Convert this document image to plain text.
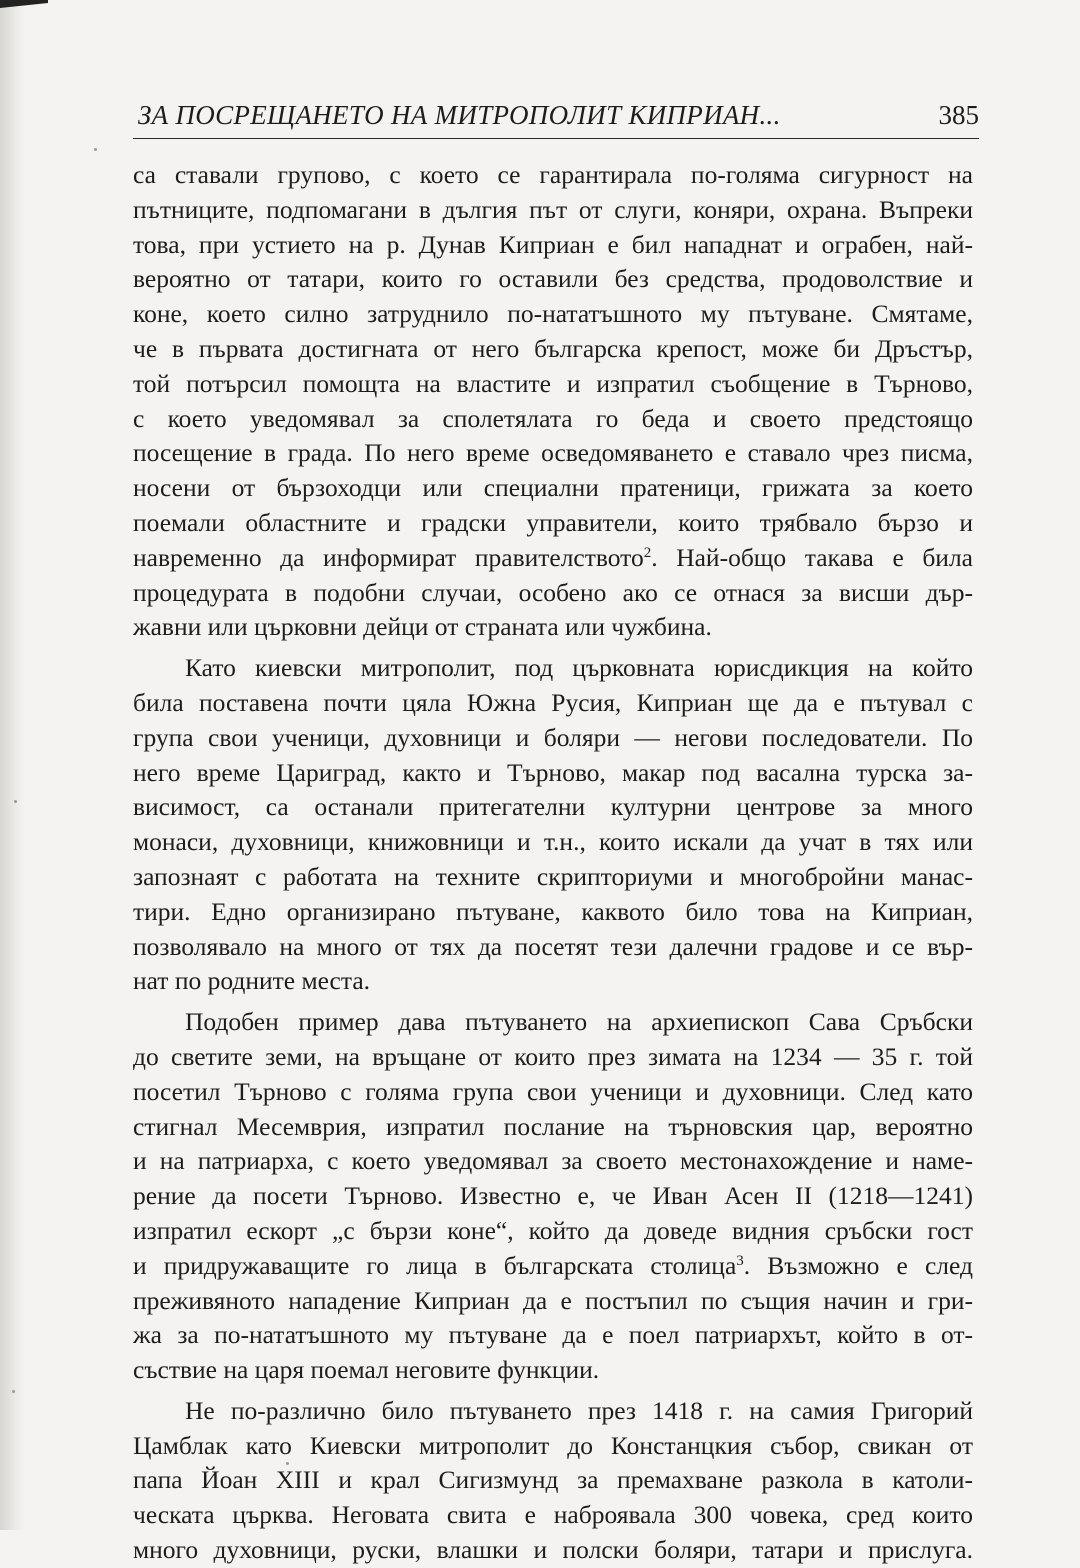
ЗА ПОСРЕЩАНЕТО НА МИТРОПОЛИТ КИПРИАН...	385
са ставали групово, с което се гарантирала по-голяма сигурност на
пътниците, подпомагани в дългия път от слуги, коняри, охрана. Въпреки
това, при устието на р. Дунав Киприан е бил нападнат и ограбен, най-
вероятно от татари, които го оставили без средства, продоволствие и
коне, което силно затруднило по-нататъшното му пътуване. Смятаме,
че в първата достигната от него българска крепост, може би Дръстър,
той потърсил помощта на властите и изпратил съобщение в Търново,
с което уведомявал за сполетялата го беда и своето предстоящо
посещение в града. По него време осведомяването е ставало чрез писма,
носени от бързоходци или специални пратеници, грижата за което
поемали областните и градски управители, които трябвало бързо и
навременно да информират правителството$^2$. Най-общо такава е била
процедурата в подобни случаи, особено ако се отнася за висши дър-
жавни или църковни дейци от страната или чужбина.
Като киевски митрополит, под църковната юрисдикция на който
била поставена почти цяла Южна Русия, Киприан ще да е пътувал с
група свои ученици, духовници и боляри — негови последователи. По
него време Цариград, както и Търново, макар под васална турска за-
висимост, са останали притегателни културни центрове за много
монаси, духовници, книжовници и т.н., които искали да учат в тях или
запознаят с работата на техните скрипториуми и многобройни манас-
тири. Едно организирано пътуване, каквото било това на Киприан,
позволявало на много от тях да посетят тези далечни градове и се вър-
нат по родните места.
Подобен пример дава пътуването на архиепископ Сава Сръбски
до светите земи, на връщане от които през зимата на 1234 — 35 г. той
посетил Търново с голяма група свои ученици и духовници. След като
стигнал Месемврия, изпратил послание на търновския цар, вероятно
и на патриарха, с което уведомявал за своето местонахождение и наме-
рение да посети Търново. Известно е, че Иван Асен II (1218—1241)
изпратил ескорт „с бързи коне“, който да доведе видния сръбски гост
и придружаващите го лица в българската столица$^3$. Възможно е след
преживяното нападение Киприан да е постъпил по същия начин и гри-
жа за по-нататъшното му пътуване да е поел патриархът, който в от-
съствие на царя поемал неговите функции.
Не по-различно било пътуването през 1418 г. на самия Григорий
Цамблак като Киевски митрополит до Констанцкия събор, свикан от
папа Йоан XIII и крал Сигизмунд за премахване разкола в католи-
ческата църква. Неговата свита е наброявала 300 човека, сред които
много духовници, руски, влашки и полски боляри, татари и прислуга.
